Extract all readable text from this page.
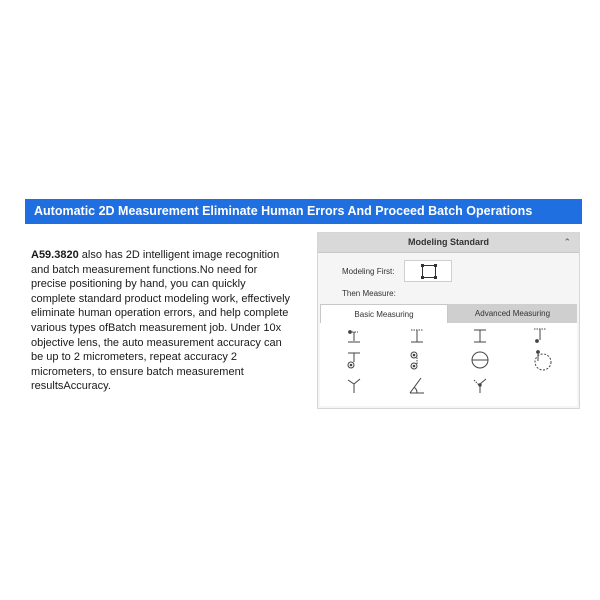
Automatic 2D Measurement Eliminate Human Errors And Proceed Batch Operations
A59.3820 also has 2D intelligent image recognition and batch measurement functions.No need for precise positioning by hand, you can quickly complete standard product modeling work, effectively eliminate human operation errors, and help complete various types ofBatch measurement job. Under 10x objective lens, the auto measurement accuracy can be up to 2 micrometers, repeat accuracy 2 micrometers, to ensure batch measurement resultsAccuracy.
Modeling Standard	⌃
Modeling First:
Then Measure:
Basic Measuring	Advanced Measuring
